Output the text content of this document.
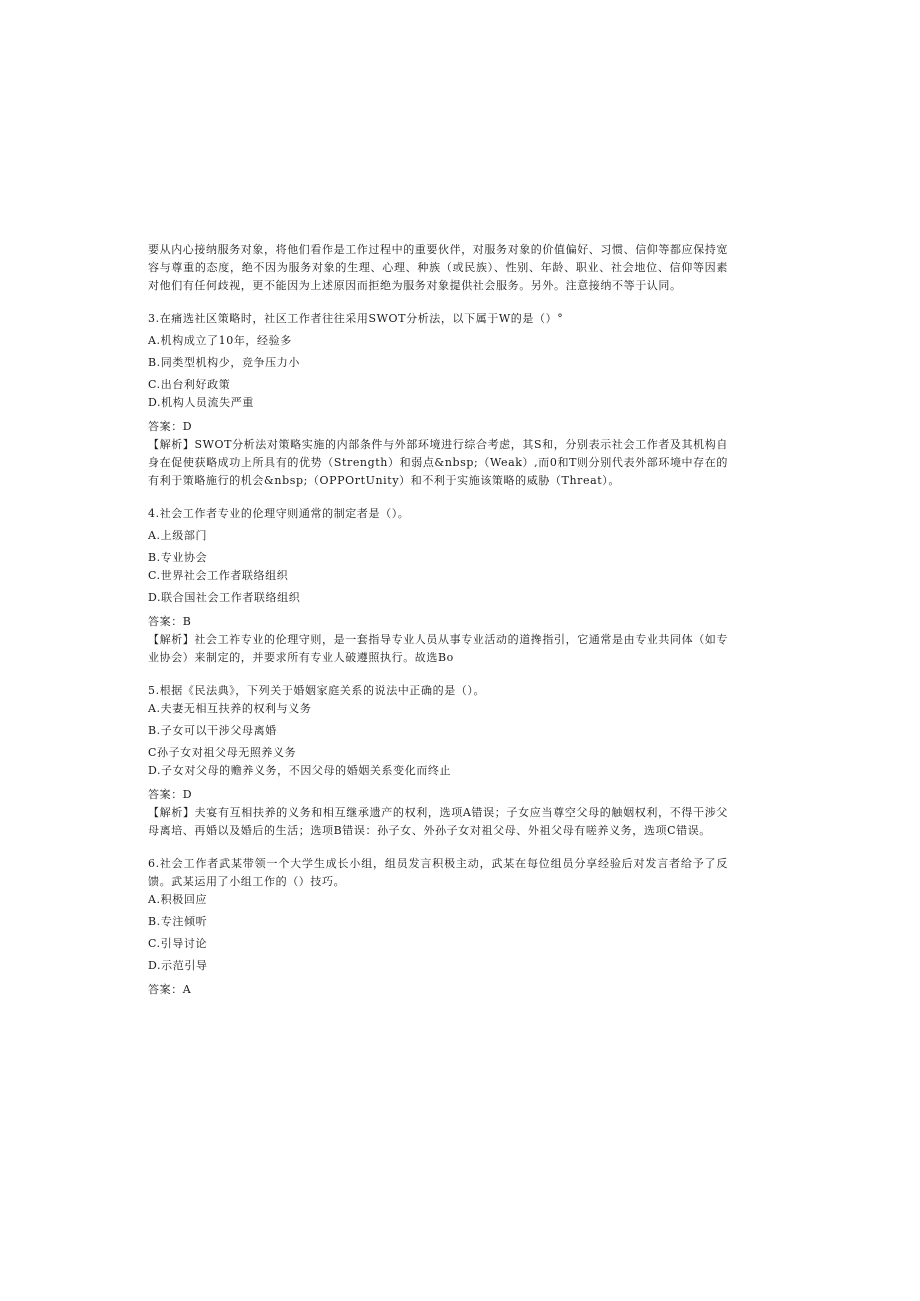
要从内心接纳服务对象，将他们看作是工作过程中的重要伙伴，对服务对象的价值偏好、习惯、信仰等都应保持宽容与尊重的态度，绝不因为服务对象的生理、心理、种族（或民族）、性别、年龄、职业、社会地位、信仰等因素对他们有任何歧视，更不能因为上述原因而拒绝为服务对象提供社会服务。另外。注意接纳不等于认同。

3.在痛选社区策略时，社区工作者往往采用SWOT分析法，以下属于W的是（）°

A.机构成立了10年，经验多

B.同类型机构少，竞争压力小

C.出台利好政策

D.机构人员流失严重

答案：D

【解析】SWOT分析法对策略实施的内部条件与外部环境进行综合考虑，其S和，分别表示社会工作者及其机构自身在促使获略成功上所具有的优势（Strength）和弱点&nbsp;（Weak）,而0和T则分别代表外部环境中存在的有利于策略施行的机会&nbsp;（OPPOrtUnity）和不利于实施该策略的威胁（Threat）。

4.社会工作者专业的伦理守则通常的制定者是（）。

A.上级部门

B.专业协会

C.世界社会工作者联络组织

D.联合国社会工作者联络组织

答案：B

【解析】社会工祚专业的伦理守则，是一套指导专业人员从事专业活动的道搀指引，它通常是由专业共同体（如专业协会）来制定的，并要求所有专业人破遵照执行。故选Bo

5.根据《民法典》，下列关于婚姻家庭关系的说法中正确的是（）。

A.夫妻无相互扶养的权利与义务

B.子女可以干涉父母离婚

C孙子女对祖父母无照养义务

D.子女对父母的赡养义务，不因父母的婚姻关系变化而终止

答案：D

【解析】夫宴有互相扶养的义务和相互继承遗产的权利，选项A错误；子女应当尊空父母的触姻权利，不得干涉父母离培、再婚以及婚后的生活；选项B错误：孙子女、外孙子女对祖父母、外祖父母有嗟养义务，选项C错误。

6.社会工作者武某带领一个大学生成长小组，组员发言积极主动，武某在每位组员分享经验后对发言者给予了反馈。武某运用了小组工作的（）技巧。

A.积极回应

B.专注倾听

C.引导讨论

D.示范引导

答案：A
